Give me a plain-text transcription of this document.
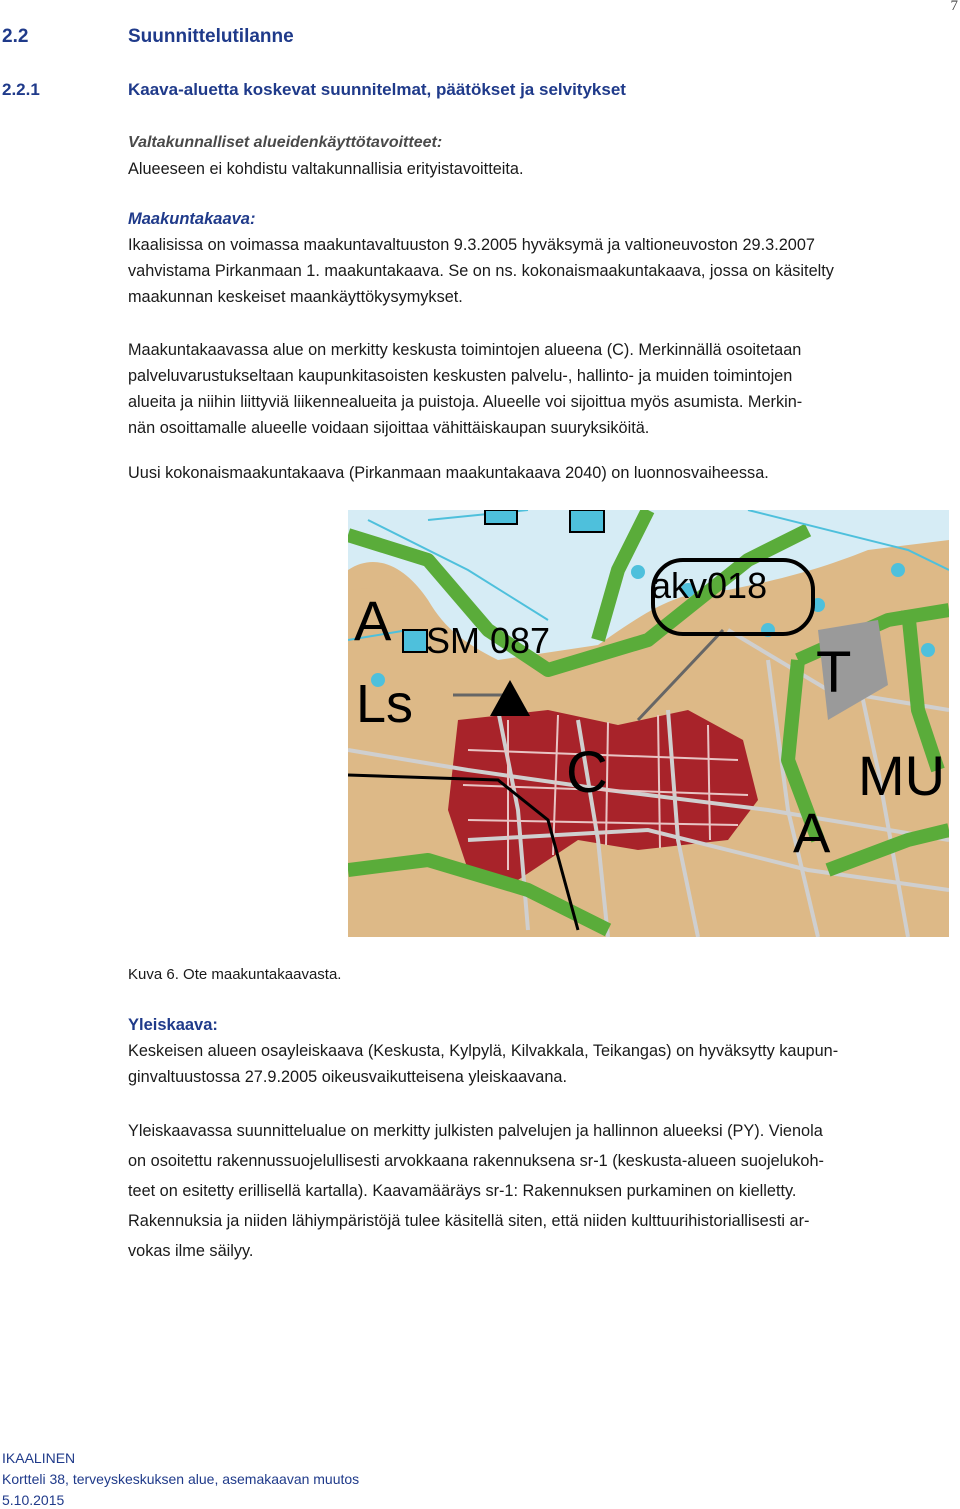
7
2.2	Suunnittelutilanne
2.2.1	Kaava-aluetta koskevat suunnitelmat, päätökset ja selvitykset
Valtakunnalliset alueidenkäyttötavoitteet:
Alueeseen ei kohdistu valtakunnallisia erityistavoitteita.
Maakuntakaava:
Ikaalisissa on voimassa maakuntavaltuuston 9.3.2005 hyväksymä ja valtioneuvoston 29.3.2007
vahvistama Pirkanmaan 1. maakuntakaava. Se on ns. kokonaismaakuntakaava, jossa on käsitelty
maakunnan keskeiset maankäyttökysymykset.
Maakuntakaavassa alue on merkitty keskusta toimintojen alueena (C). Merkinnällä osoitetaan
palveluvarustukseltaan kaupunkitasoisten keskusten palvelu-, hallinto- ja muiden toimintojen
alueita ja niihin liittyviä liikennealueita ja puistoja. Alueelle voi sijoittua myös asumista. Merkin-
nän osoittamalle alueelle voidaan sijoittaa vähittäiskaupan suuryksiköitä.
Uusi kokonaismaakuntakaava (Pirkanmaan maakuntakaava 2040) on luonnosvaiheessa.
akv018
SM 087
A
Ls
C
T
MU
A
Kuva 6. Ote maakuntakaavasta.
Yleiskaava:
Keskeisen alueen osayleiskaava (Keskusta, Kylpylä, Kilvakkala, Teikangas) on hyväksytty kaupun-
ginvaltuustossa 27.9.2005 oikeusvaikutteisena yleiskaavana.
Yleiskaavassa suunnittelualue on merkitty julkisten palvelujen ja hallinnon alueeksi (PY). Vienola
on osoitettu rakennussuojelullisesti arvokkaana rakennuksena sr-1 (keskusta-alueen suojelukoh-
teet on esitetty erillisellä kartalla). Kaavamääräys sr-1: Rakennuksen purkaminen on kielletty.
Rakennuksia ja niiden lähiympäristöjä tulee käsitellä siten, että niiden kulttuurihistoriallisesti ar-
vokas ilme säilyy.
IKAALINEN
Kortteli 38, terveyskeskuksen alue, asemakaavan muutos
5.10.2015
